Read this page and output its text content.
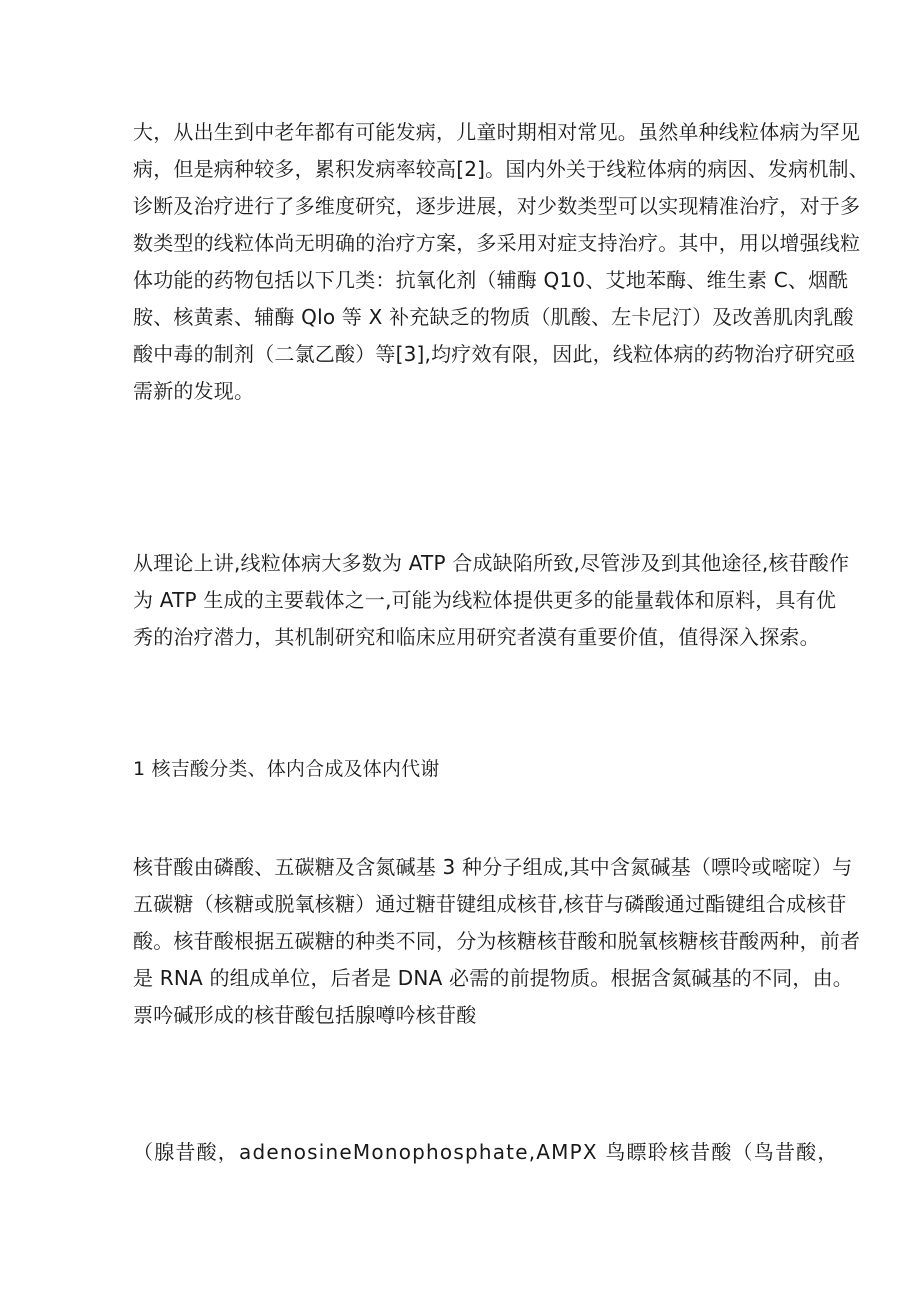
大，从出生到中老年都有可能发病，儿童时期相对常见。虽然单种线粒体病为罕见
病，但是病种较多，累积发病率较高[2]。国内外关于线粒体病的病因、发病机制、
诊断及治疗进行了多维度研究，逐步进展，对少数类型可以实现精准治疗，对于多
数类型的线粒体尚无明确的治疗方案，多采用对症支持治疗。其中，用以增强线粒
体功能的药物包括以下几类：抗氧化剂（辅酶 Q10、艾地苯酶、维生素 C、烟酰
胺、核黄素、辅酶 Qlo 等 X 补充缺乏的物质（肌酸、左卡尼汀）及改善肌肉乳酸
酸中毒的制剂（二氯乙酸）等[3],均疗效有限，因此，线粒体病的药物治疗研究亟
需新的发现。
从理论上讲,线粒体病大多数为 ATP 合成缺陷所致,尽管涉及到其他途径,核苷酸作
为 ATP 生成的主要载体之一,可能为线粒体提供更多的能量载体和原料，具有优
秀的治疗潜力，其机制研究和临床应用研究者漠有重要价值，值得深入探索。
1 核吉酸分类、体内合成及体内代谢
核苷酸由磷酸、五碳糖及含氮碱基 3 种分子组成,其中含氮碱基（嘌呤或嘧啶）与
五碳糖（核糖或脱氧核糖）通过糖苷键组成核苷,核苷与磷酸通过酯键组合成核苷
酸。核苷酸根据五碳糖的种类不同，分为核糖核苷酸和脱氧核糖核苷酸两种，前者
是 RNA 的组成单位，后者是 DNA 必需的前提物质。根据含氮碱基的不同，由。
票吟碱形成的核苷酸包括腺噂吟核苷酸
（腺昔酸，adenosineMonophosphate,AMPX 鸟瞟聆核昔酸（鸟昔酸，
